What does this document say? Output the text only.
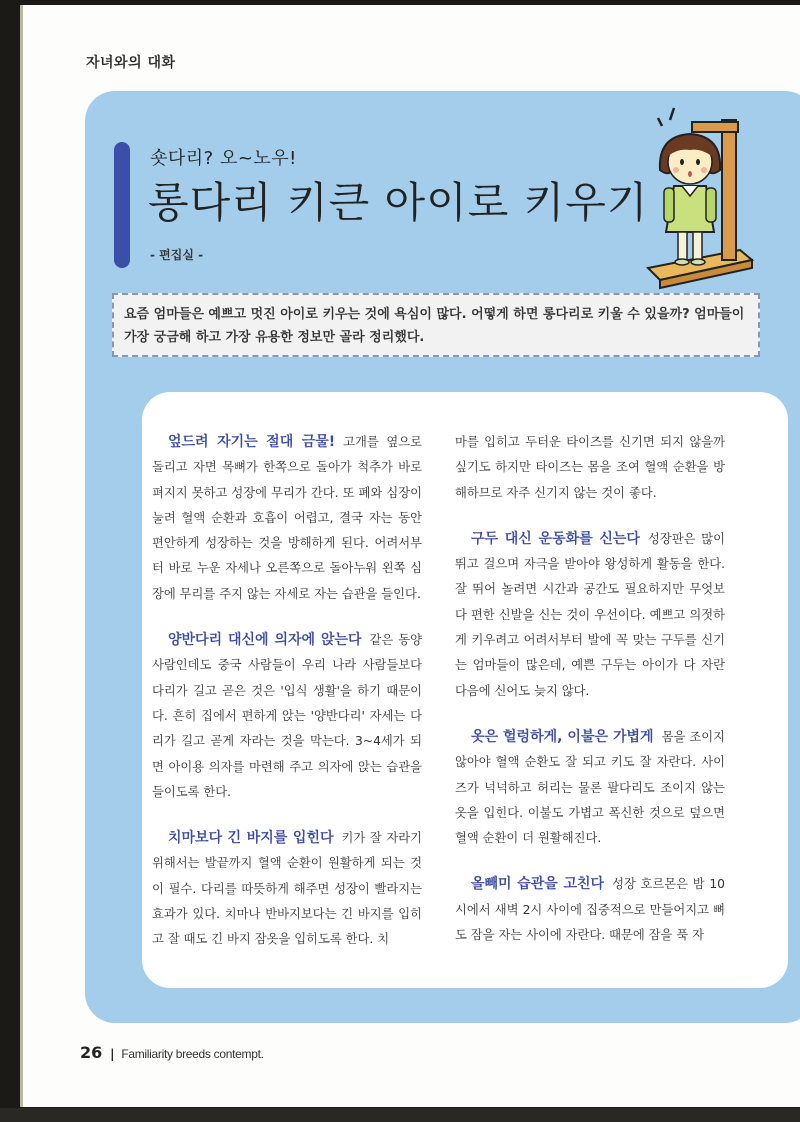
자녀와의 대화
숏다리? 오~노우!
롱다리 키큰 아이로 키우기
- 편집실 -

요즘 엄마들은 예쁘고 멋진 아이로 키우는 것에 욕심이 많다. 어떻게 하면 롱다리로 키울 수 있을까? 엄마들이 가장 궁금해 하고 가장 유용한 정보만 골라 정리했다.

엎드려 자기는 절대 금물! 고개를 옆으로 돌리고 자면 목뼈가 한쪽으로 돌아가 척추가 바로 펴지지 못하고 성장에 무리가 간다. 또 폐와 심장이 눌려 혈액 순환과 호흡이 어렵고, 결국 자는 동안 편안하게 성장하는 것을 방해하게 된다. 어려서부터 바로 누운 자세나 오른쪽으로 돌아누워 왼쪽 심장에 무리를 주지 않는 자세로 자는 습관을 들인다.

양반다리 대신에 의자에 앉는다 같은 동양 사람인데도 중국 사람들이 우리 나라 사람들보다 다리가 길고 곧은 것은 '입식 생활'을 하기 때문이다. 흔히 집에서 편하게 앉는 '양반다리' 자세는 다리가 길고 곧게 자라는 것을 막는다. 3~4세가 되면 아이용 의자를 마련해 주고 의자에 앉는 습관을 들이도록 한다.

치마보다 긴 바지를 입힌다 키가 잘 자라기 위해서는 발끝까지 혈액 순환이 원활하게 되는 것이 필수. 다리를 따뜻하게 해주면 성장이 빨라지는 효과가 있다. 치마나 반바지보다는 긴 바지를 입히고 잘 때도 긴 바지 잠옷을 입히도록 한다. 치

마를 입히고 두터운 타이즈를 신기면 되지 않을까 싶기도 하지만 타이즈는 몸을 조여 혈액 순환을 방해하므로 자주 신기지 않는 것이 좋다.

구두 대신 운동화를 신는다 성장판은 많이 뛰고 걸으며 자극을 받아야 왕성하게 활동을 한다. 잘 뛰어 놀려면 시간과 공간도 필요하지만 무엇보다 편한 신발을 신는 것이 우선이다. 예쁘고 의젓하게 키우려고 어려서부터 발에 꼭 맞는 구두를 신기는 엄마들이 많은데, 예쁜 구두는 아이가 다 자란 다음에 신어도 늦지 않다.

옷은 헐렁하게, 이불은 가볍게 몸을 조이지 않아야 혈액 순환도 잘 되고 키도 잘 자란다. 사이즈가 넉넉하고 허리는 물론 팔다리도 조이지 않는 옷을 입힌다. 이불도 가볍고 폭신한 것으로 덮으면 혈액 순환이 더 원활해진다.

올빼미 습관을 고친다 성장 호르몬은 밤 10시에서 새벽 2시 사이에 집중적으로 만들어지고 뼈도 잠을 자는 사이에 자란다. 때문에 잠을 푹 자

26 | Familiarity breeds contempt.
